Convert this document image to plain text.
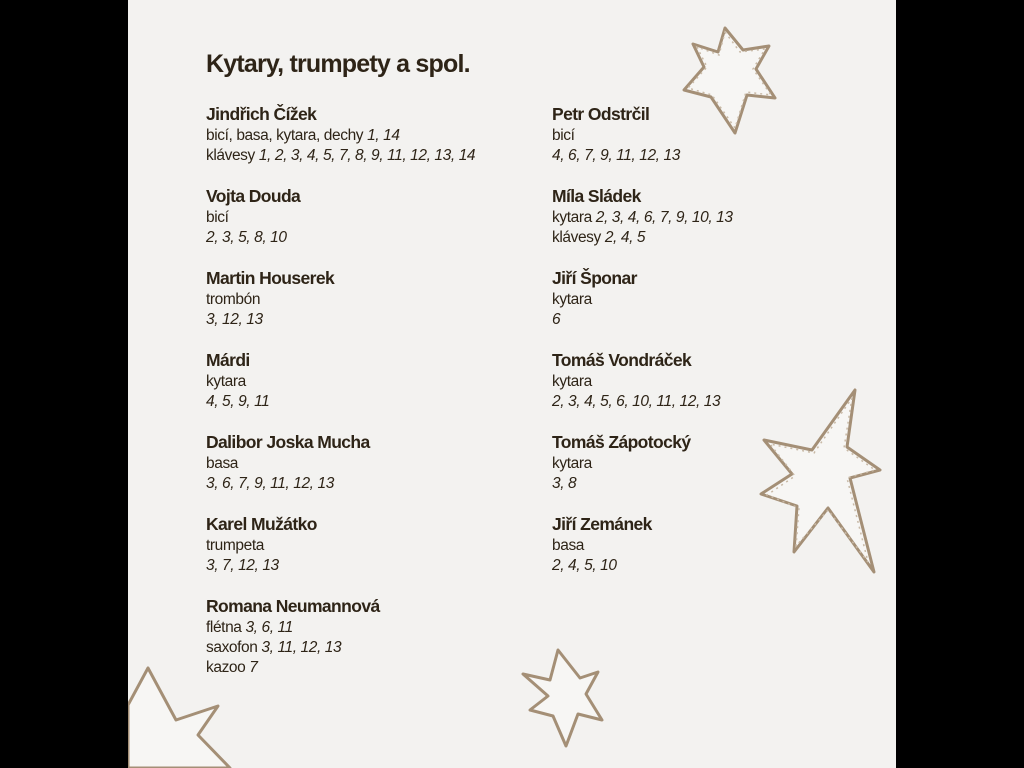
Kytary, trumpety a spol.
Jindřich Čížek
bicí, basa, kytara, dechy 1, 14
klávesy 1, 2, 3, 4, 5, 7, 8, 9, 11, 12, 13, 14
Vojta Douda
bicí
2, 3, 5, 8, 10
Martin Houserek
trombón
3, 12, 13
Márdi
kytara
4, 5, 9, 11
Dalibor Joska Mucha
basa
3, 6, 7, 9, 11, 12, 13
Karel Mužátko
trumpeta
3, 7, 12, 13
Romana Neumannová
flétna 3, 6, 11
saxofon 3, 11, 12, 13
kazoo 7
Petr Odstrčil
bicí
4, 6, 7, 9, 11, 12, 13
Míla Sládek
kytara 2, 3, 4, 6, 7, 9, 10, 13
klávesy 2, 4, 5
Jiří Šponar
kytara
6
Tomáš Vondráček
kytara
2, 3, 4, 5, 6, 10, 11, 12, 13
Tomáš Zápotocký
kytara
3, 8
Jiří Zemánek
basa
2, 4, 5, 10
